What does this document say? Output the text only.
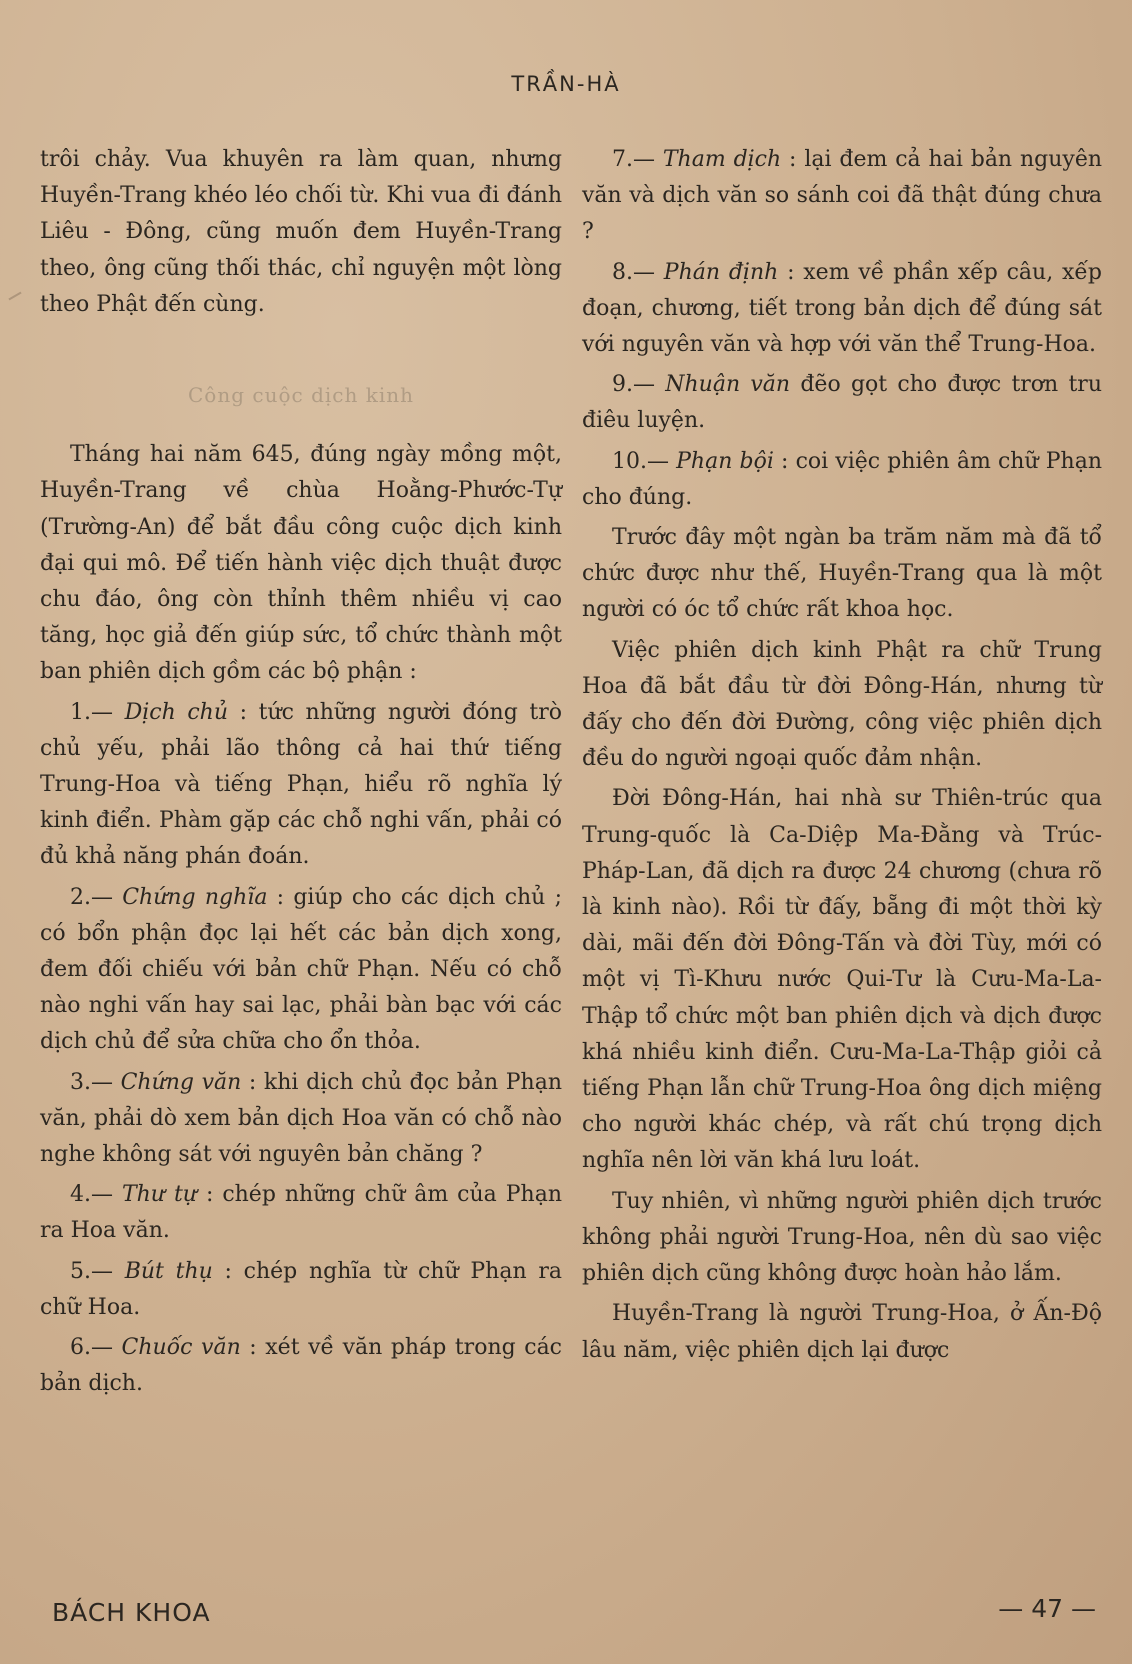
TRẦN-HÀ

trôi chảy. Vua khuyên ra làm quan, nhưng Huyền-Trang khéo léo chối từ. Khi vua đi đánh Liêu - Đông, cũng muốn đem Huyền-Trang theo, ông cũng thối thác, chỉ nguyện một lòng theo Phật đến cùng.

Công cuộc dịch kinh

Tháng hai năm 645, đúng ngày mồng một, Huyền-Trang về chùa Hoằng-Phước-Tự (Trường-An) để bắt đầu công cuộc dịch kinh đại qui mô. Để tiến hành việc dịch thuật được chu đáo, ông còn thỉnh thêm nhiều vị cao tăng, học giả đến giúp sức, tổ chức thành một ban phiên dịch gồm các bộ phận :

1.— Dịch chủ : tức những người đóng trò chủ yếu, phải lão thông cả hai thứ tiếng Trung-Hoa và tiếng Phạn, hiểu rõ nghĩa lý kinh điển. Phàm gặp các chỗ nghi vấn, phải có đủ khả năng phán đoán.

2.— Chứng nghĩa : giúp cho các dịch chủ ; có bổn phận đọc lại hết các bản dịch xong, đem đối chiếu với bản chữ Phạn. Nếu có chỗ nào nghi vấn hay sai lạc, phải bàn bạc với các dịch chủ để sửa chữa cho ổn thỏa.

3.— Chứng văn : khi dịch chủ đọc bản Phạn văn, phải dò xem bản dịch Hoa văn có chỗ nào nghe không sát với nguyên bản chăng ?

4.— Thư tự : chép những chữ âm của Phạn ra Hoa văn.

5.— Bút thụ : chép nghĩa từ chữ Phạn ra chữ Hoa.

6.— Chuốc văn : xét về văn pháp trong các bản dịch.

7.— Tham dịch : lại đem cả hai bản nguyên văn và dịch văn so sánh coi đã thật đúng chưa ?

8.— Phán định : xem về phần xếp câu, xếp đoạn, chương, tiết trong bản dịch để đúng sát với nguyên văn và hợp với văn thể Trung-Hoa.

9.— Nhuận văn đẽo gọt cho được trơn tru điêu luyện.

10.— Phạn bội : coi việc phiên âm chữ Phạn cho đúng.

Trước đây một ngàn ba trăm năm mà đã tổ chức được như thế, Huyền-Trang qua là một người có óc tổ chức rất khoa học.

Việc phiên dịch kinh Phật ra chữ Trung Hoa đã bắt đầu từ đời Đông-Hán, nhưng từ đấy cho đến đời Đường, công việc phiên dịch đều do người ngoại quốc đảm nhận.

Đời Đông-Hán, hai nhà sư Thiên-trúc qua Trung-quốc là Ca-Diệp Ma-Đằng và Trúc-Pháp-Lan, đã dịch ra được 24 chương (chưa rõ là kinh nào). Rồi từ đấy, bẵng đi một thời kỳ dài, mãi đến đời Đông-Tấn và đời Tùy, mới có một vị Tì-Khưu nước Qui-Tư là Cưu-Ma-La-Thập tổ chức một ban phiên dịch và dịch được khá nhiều kinh điển. Cưu-Ma-La-Thập giỏi cả tiếng Phạn lẫn chữ Trung-Hoa ông dịch miệng cho người khác chép, và rất chú trọng dịch nghĩa nên lời văn khá lưu loát.

Tuy nhiên, vì những người phiên dịch trước không phải người Trung-Hoa, nên dù sao việc phiên dịch cũng không được hoàn hảo lắm.

Huyền-Trang là người Trung-Hoa, ở Ấn-Độ lâu năm, việc phiên dịch lại được

BÁCH KHOA	— 47 —
